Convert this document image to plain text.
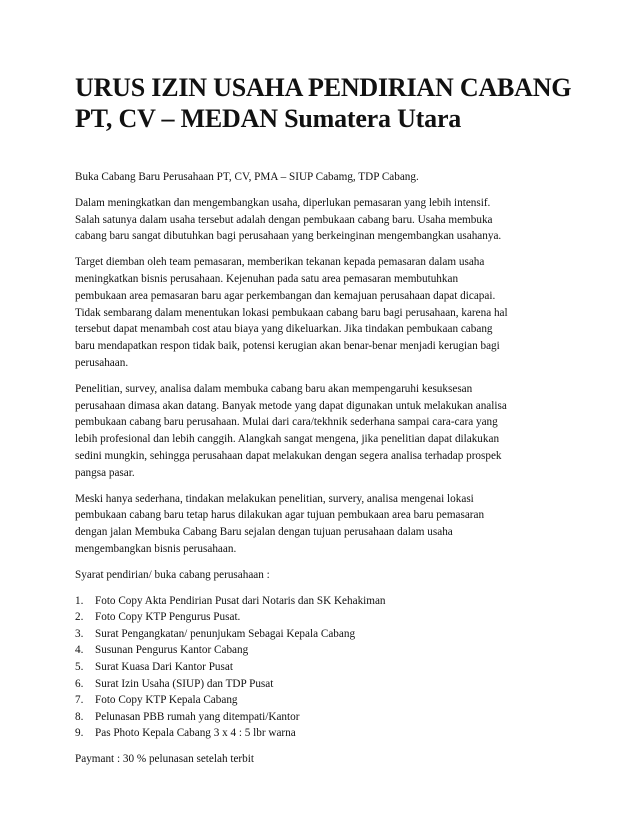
URUS IZIN USAHA PENDIRIAN CABANG
PT, CV – MEDAN Sumatera Utara

Buka Cabang Baru Perusahaan PT, CV, PMA – SIUP Cabamg, TDP Cabang.

Dalam meningkatkan dan mengembangkan usaha, diperlukan pemasaran yang lebih intensif.
Salah satunya dalam usaha tersebut adalah dengan pembukaan cabang baru. Usaha membuka
cabang baru sangat dibutuhkan bagi perusahaan yang berkeinginan mengembangkan usahanya.

Target diemban oleh team pemasaran, memberikan tekanan kepada pemasaran dalam usaha
meningkatkan bisnis perusahaan. Kejenuhan pada satu area pemasaran membutuhkan
pembukaan area pemasaran baru agar perkembangan dan kemajuan perusahaan dapat dicapai.
Tidak sembarang dalam menentukan lokasi pembukaan cabang baru bagi perusahaan, karena hal
tersebut dapat menambah cost atau biaya yang dikeluarkan. Jika tindakan pembukaan cabang
baru mendapatkan respon tidak baik, potensi kerugian akan benar-benar menjadi kerugian bagi
perusahaan.

Penelitian, survey, analisa dalam membuka cabang baru akan mempengaruhi kesuksesan
perusahaan dimasa akan datang. Banyak metode yang dapat digunakan untuk melakukan analisa
pembukaan cabang baru perusahaan. Mulai dari cara/tekhnik sederhana sampai cara-cara yang
lebih profesional dan lebih canggih. Alangkah sangat mengena, jika penelitian dapat dilakukan
sedini mungkin, sehingga perusahaan dapat melakukan dengan segera analisa terhadap prospek
pangsa pasar.

Meski hanya sederhana, tindakan melakukan penelitian, survery, analisa mengenai lokasi
pembukaan cabang baru tetap harus dilakukan agar tujuan pembukaan area baru pemasaran
dengan jalan Membuka Cabang Baru sejalan dengan tujuan perusahaan dalam usaha
mengembangkan bisnis perusahaan.

Syarat pendirian/ buka cabang perusahaan :

1.	Foto Copy Akta Pendirian Pusat dari Notaris dan SK Kehakiman
2.	Foto Copy KTP Pengurus Pusat.
3.	Surat Pengangkatan/ penunjukam Sebagai Kepala Cabang
4.	Susunan Pengurus Kantor Cabang
5.	Surat Kuasa Dari Kantor Pusat
6.	Surat Izin Usaha (SIUP) dan TDP Pusat
7.	Foto Copy KTP Kepala Cabang
8.	Pelunasan PBB rumah yang ditempati/Kantor
9.	Pas Photo Kepala Cabang 3 x 4 : 5 lbr warna

Paymant : 30 % pelunasan setelah terbit
